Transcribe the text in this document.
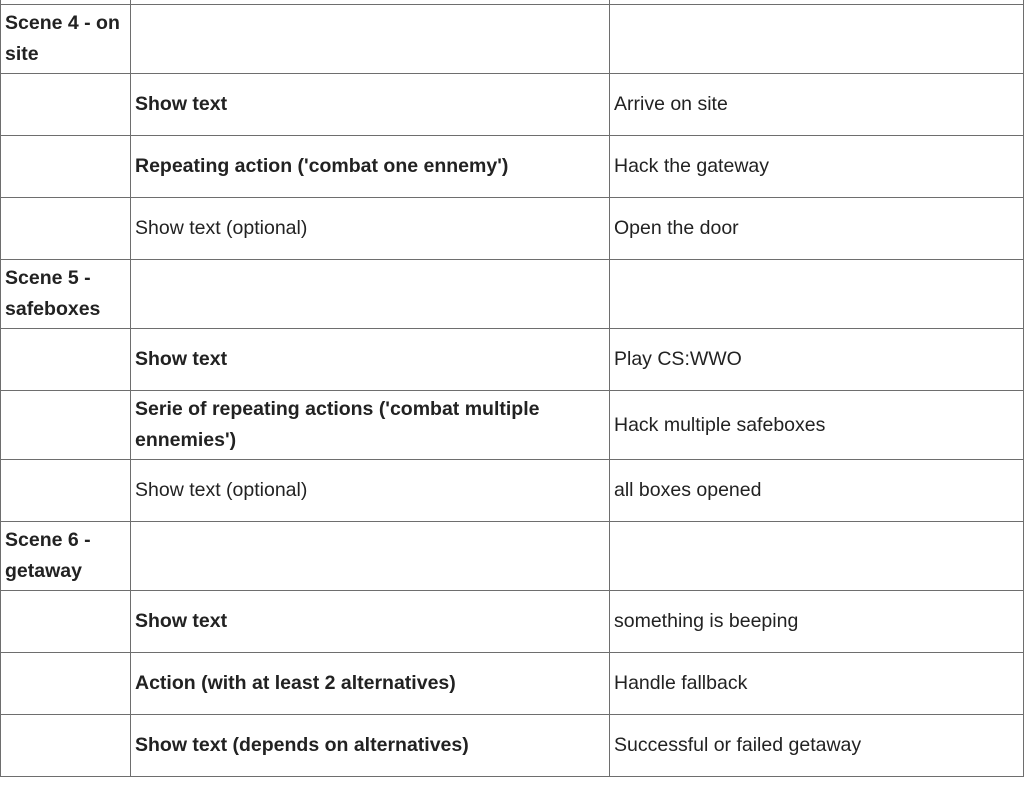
Scene 4 - on site		
	Show text	Arrive on site
	Repeating action ('combat one ennemy')	Hack the gateway
	Show text (optional)	Open the door
Scene 5 - safeboxes		
	Show text	Play CS:WWO
	Serie of repeating actions ('combat multiple ennemies')	Hack multiple safeboxes
	Show text (optional)	all boxes opened
Scene 6 - getaway		
	Show text	something is beeping
	Action (with at least 2 alternatives)	Handle fallback
	Show text (depends on alternatives)	Successful or failed getaway
